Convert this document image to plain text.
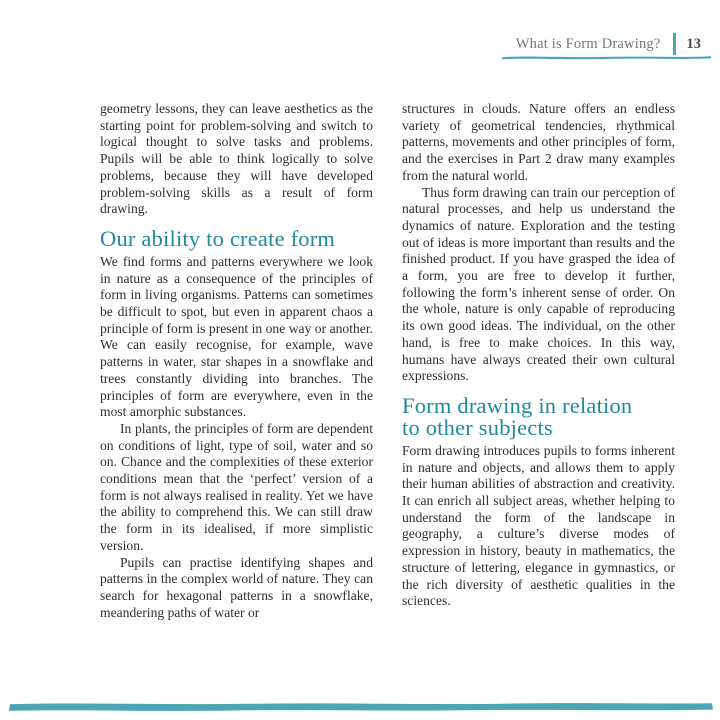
What is Form Drawing? 13

geometry lessons, they can leave aesthetics as the starting point for problem-solving and switch to logical thought to solve tasks and problems. Pupils will be able to think logically to solve problems, because they will have developed problem-solving skills as a result of form drawing.

Our ability to create form

We find forms and patterns everywhere we look in nature as a consequence of the principles of form in living organisms. Patterns can sometimes be difficult to spot, but even in apparent chaos a principle of form is present in one way or another. We can easily recognise, for example, wave patterns in water, star shapes in a snowflake and trees constantly dividing into branches. The principles of form are everywhere, even in the most amorphic substances.

In plants, the principles of form are dependent on conditions of light, type of soil, water and so on. Chance and the complexities of these exterior conditions mean that the ‘perfect’ version of a form is not always realised in reality. Yet we have the ability to comprehend this. We can still draw the form in its idealised, if more simplistic version.

Pupils can practise identifying shapes and patterns in the complex world of nature. They can search for hexagonal patterns in a snowflake, meandering paths of water or

structures in clouds. Nature offers an endless variety of geometrical tendencies, rhythmical patterns, movements and other principles of form, and the exercises in Part 2 draw many examples from the natural world.

Thus form drawing can train our perception of natural processes, and help us understand the dynamics of nature. Exploration and the testing out of ideas is more important than results and the finished product. If you have grasped the idea of a form, you are free to develop it further, following the form’s inherent sense of order. On the whole, nature is only capable of reproducing its own good ideas. The individual, on the other hand, is free to make choices. In this way, humans have always created their own cultural expressions.

Form drawing in relation
to other subjects

Form drawing introduces pupils to forms inherent in nature and objects, and allows them to apply their human abilities of abstraction and creativity. It can enrich all subject areas, whether helping to understand the form of the landscape in geography, a culture’s diverse modes of expression in history, beauty in mathematics, the structure of lettering, elegance in gymnastics, or the rich diversity of aesthetic qualities in the sciences.
